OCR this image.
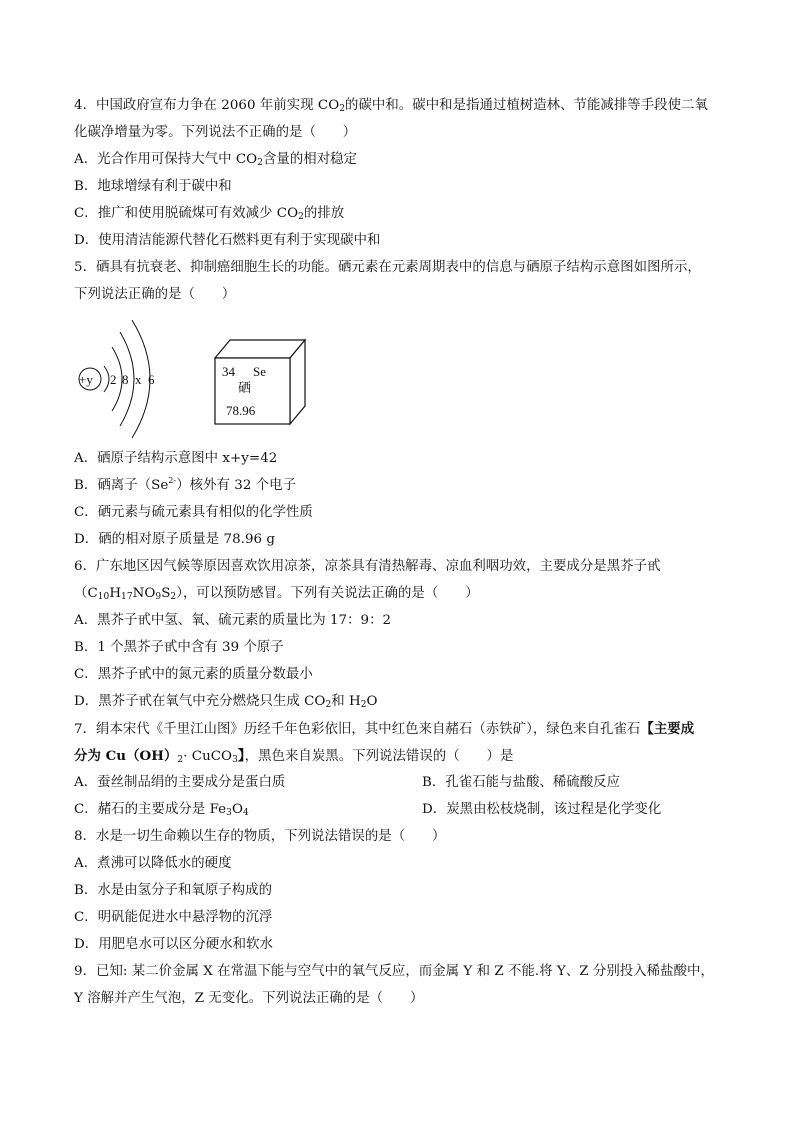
4．中国政府宣布力争在 2060 年前实现 $CO_2$的碳中和。碳中和是指通过植树造林、节能减排等手段使二氧
化碳净增量为零。下列说法不正确的是（　　）
A．光合作用可保持大气中 $CO_2$含量的相对稳定
B．地球增绿有利于碳中和
C．推广和使用脱硫煤可有效减少 $CO_2$的排放
D．使用清洁能源代替化石燃料更有利于实现碳中和
5．硒具有抗衰老、抑制癌细胞生长的功能。硒元素在元素周期表中的信息与硒原子结构示意图如图所示，
下列说法正确的是（　　）
+y 2 8 x 6
34 Se
硒
78.96
A．硒原子结构示意图中 x+y=42
B．硒离子$(Se^{2-})$核外有 32 个电子
C．硒元素与硫元素具有相似的化学性质
D．硒的相对原子质量是 78.96 g
6．广东地区因气候等原因喜欢饮用凉茶，凉茶具有清热解毒、凉血利咽功效，主要成分是黑芥子甙
$(C_{10}H_{17}NO_9S_2)$，可以预防感冒。下列有关说法正确的是（　　）
A．黑芥子甙中氢、氧、硫元素的质量比为 17：9：2
B．1 个黑芥子甙中含有 39 个原子
C．黑芥子甙中的氮元素的质量分数最小
D．黑芥子甙在氧气中充分燃烧只生成 $CO_2$和 $H_2O$
7．绢本宋代《千里江山图》历经千年色彩依旧，其中红色来自赭石（赤铁矿），绿色来自孔雀石【主要成
分为 $Cu(OH)_2\cdot$ CuCO$_3$】，黑色来自炭黑。下列说法错误的（　　）是
A．蚕丝制品绢的主要成分是蛋白质	B．孔雀石能与盐酸、稀硫酸反应
C．赭石的主要成分是 $Fe_3O_4$	D．炭黑由松枝烧制，该过程是化学变化
8．水是一切生命赖以生存的物质，下列说法错误的是（　　）
A．煮沸可以降低水的硬度
B．水是由氢分子和氧原子构成的
C．明矾能促进水中悬浮物的沉浮
D．用肥皂水可以区分硬水和软水
9．已知: 某二价金属 X 在常温下能与空气中的氧气反应，而金属 Y 和 Z 不能.将 Y、Z 分别投入稀盐酸中，
Y 溶解并产生气泡，Z 无变化。下列说法正确的是（　　）
